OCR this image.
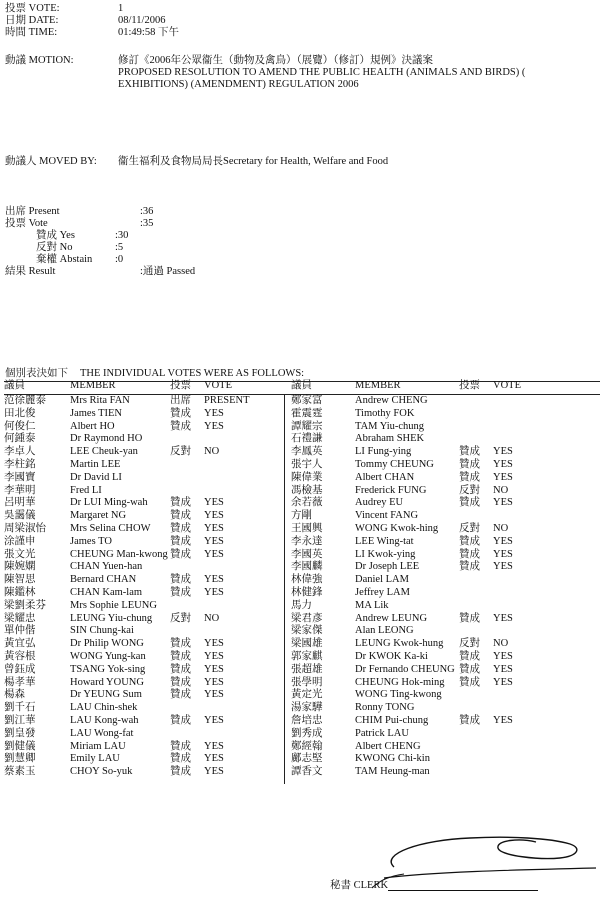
投票 VOTE:	1
日期 DATE:	08/11/2006
時間 TIME:	01:49:58 下午
動議 MOTION:	修訂《2006年公眾衞生（動物及禽鳥）（展覽）（修訂）規例》決議案
PROPOSED RESOLUTION TO AMEND THE PUBLIC HEALTH (ANIMALS AND BIRDS) (
EXHIBITIONS) (AMENDMENT) REGULATION 2006
動議人 MOVED BY: 衞生福利及食物局局長Secretary for Health, Welfare and Food
出席 Present	:36
投票 Vote	:35
贊成 Yes	:30
反對 No	:5
棄權 Abstain :0
結果 Result	:通過 Passed
個別表決如下 THE INDIVIDUAL VOTES WERE AS FOLLOWS:
議員	MEMBER	投票 VOTE	議員	MEMBER	投票 VOTE
范徐麗泰 Mrs Rita FAN	出席 PRESENT	鄭家富	Andrew CHENG
田北俊	James TIEN	贊成 YES	霍震霆	Timothy FOK
何俊仁	Albert HO	贊成 YES	譚耀宗	TAM Yiu-chung
何鍾泰	Dr Raymond HO	石禮謙	Abraham SHEK
李卓人	LEE Cheuk-yan	反對 NO	李鳳英	LI Fung-ying	贊成 YES
李柱銘	Martin LEE	張宇人	Tommy CHEUNG 贊成 YES
李國寶	Dr David LI	陳偉業	Albert CHAN	贊成 YES
李華明	Fred LI	馮檢基	Frederick FUNG	反對 NO
呂明華	Dr LUI Ming-wah 贊成 YES	余若薇	Audrey EU	贊成 YES
吳靄儀	Margaret NG	贊成 YES	方剛	Vincent FANG
周梁淑怡 Mrs Selina CHOW 贊成 YES	王國興	WONG Kwok-hing 反對 NO
涂謹申	James TO	贊成 YES	李永達	LEE Wing-tat	贊成 YES
張文光	CHEUNG Man-kwong 贊成 YES	李國英	LI Kwok-ying	贊成 YES
陳婉嫻	CHAN Yuen-han	李國麟	Dr Joseph LEE	贊成 YES
陳智思	Bernard CHAN	贊成 YES	林偉強	Daniel LAM
陳鑑林	CHAN Kam-lam	贊成 YES	林健鋒	Jeffrey LAM
梁劉柔芬 Mrs Sophie LEUNG	馬力	MA Lik
梁耀忠	LEUNG Yiu-chung 反對 NO	梁君彥	Andrew LEUNG	贊成 YES
單仲偕	SIN Chung-kai	梁家傑	Alan LEONG
黃宜弘	Dr Philip WONG 贊成 YES	梁國雄	LEUNG Kwok-hung 反對 NO
黃容根	WONG Yung-kan 贊成 YES	郭家麒	Dr KWOK Ka-ki	贊成 YES
曾鈺成	TSANG Yok-sing 贊成 YES	張超雄	Dr Fernando CHEUNG 贊成 YES
楊孝華	Howard YOUNG 贊成 YES	張學明	CHEUNG Hok-ming 贊成 YES
楊森	Dr YEUNG Sum	贊成 YES	黃定光	WONG Ting-kwong
劉千石	LAU Chin-shek	湯家驊	Ronny TONG
劉江華	LAU Kong-wah	贊成 YES	詹培忠	CHIM Pui-chung	贊成 YES
劉皇發	LAU Wong-fat	劉秀成	Patrick LAU
劉健儀	Miriam LAU	贊成 YES	鄭經翰	Albert CHENG
劉慧卿	Emily LAU	贊成 YES	鄺志堅	KWONG Chi-kin
蔡素玉	CHOY So-yuk	贊成 YES	譚香文	TAM Heung-man
秘書 CLERK
